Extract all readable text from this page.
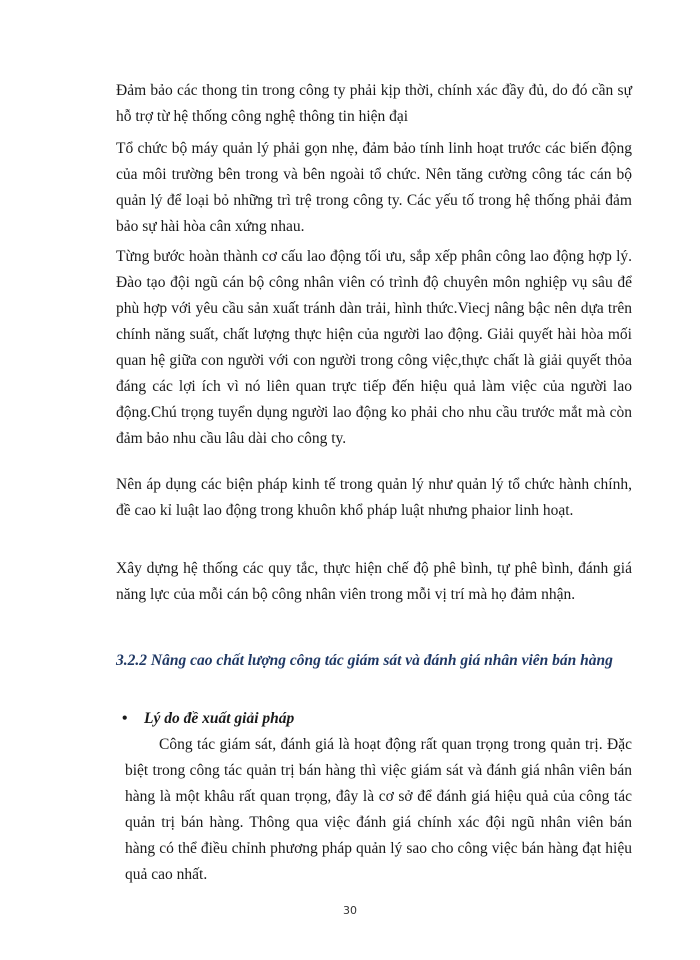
Đảm bảo các thong tin trong công ty phải kịp thời, chính xác đầy đủ, do đó cần sự hỗ trợ từ hệ thống công nghệ thông tin hiện đại

Tổ chức bộ máy quản lý phải gọn nhẹ, đảm bảo tính linh hoạt trước các biến động của môi trường bên trong và bên ngoài tổ chức. Nên tăng cường công tác cán bộ quản lý để loại bỏ những trì trệ trong công ty. Các yếu tố trong hệ thống phải đảm bảo sự hài hòa cân xứng nhau.

Từng bước hoàn thành cơ cấu lao động tối ưu, sắp xếp phân công lao động hợp lý. Đào tạo đội ngũ cán bộ công nhân viên có trình độ chuyên môn nghiệp vụ sâu để phù hợp với yêu cầu sản xuất tránh dàn trải, hình thức.Viecj nâng bậc nên dựa trên chính năng suất, chất lượng thực hiện của người lao động. Giải quyết hài hòa mối quan hệ giữa con người với con người trong công việc,thực chất là giải quyết thỏa đáng các lợi ích vì nó liên quan trực tiếp đến hiệu quả làm việc của người lao động.Chú trọng tuyển dụng người lao động ko phải cho nhu cầu trước mắt mà còn đảm bảo nhu cầu lâu dài cho công ty.

Nên áp dụng các biện pháp kinh tế trong quản lý như quản lý tổ chức hành chính, đề cao kỉ luật lao động trong khuôn khổ pháp luật nhưng phaior linh hoạt.

Xây dựng hệ thống các quy tắc, thực hiện chế độ phê bình, tự phê bình, đánh giá năng lực của mỗi cán bộ công nhân viên trong mỗi vị trí mà họ đảm nhận.

3.2.2 Nâng cao chất lượng công tác giám sát và đánh giá nhân viên bán hàng
• Lý do đề xuất giải pháp

Công tác giám sát, đánh giá là hoạt động rất quan trọng trong quản trị. Đặc biệt trong công tác quản trị bán hàng thì việc giám sát và đánh giá nhân viên bán hàng là một khâu rất quan trọng, đây là cơ sở để đánh giá hiệu quả của công tác quản trị bán hàng. Thông qua việc đánh giá chính xác đội ngũ nhân viên bán hàng có thể điều chỉnh phương pháp quản lý sao cho công việc bán hàng đạt hiệu quả cao nhất.

30
